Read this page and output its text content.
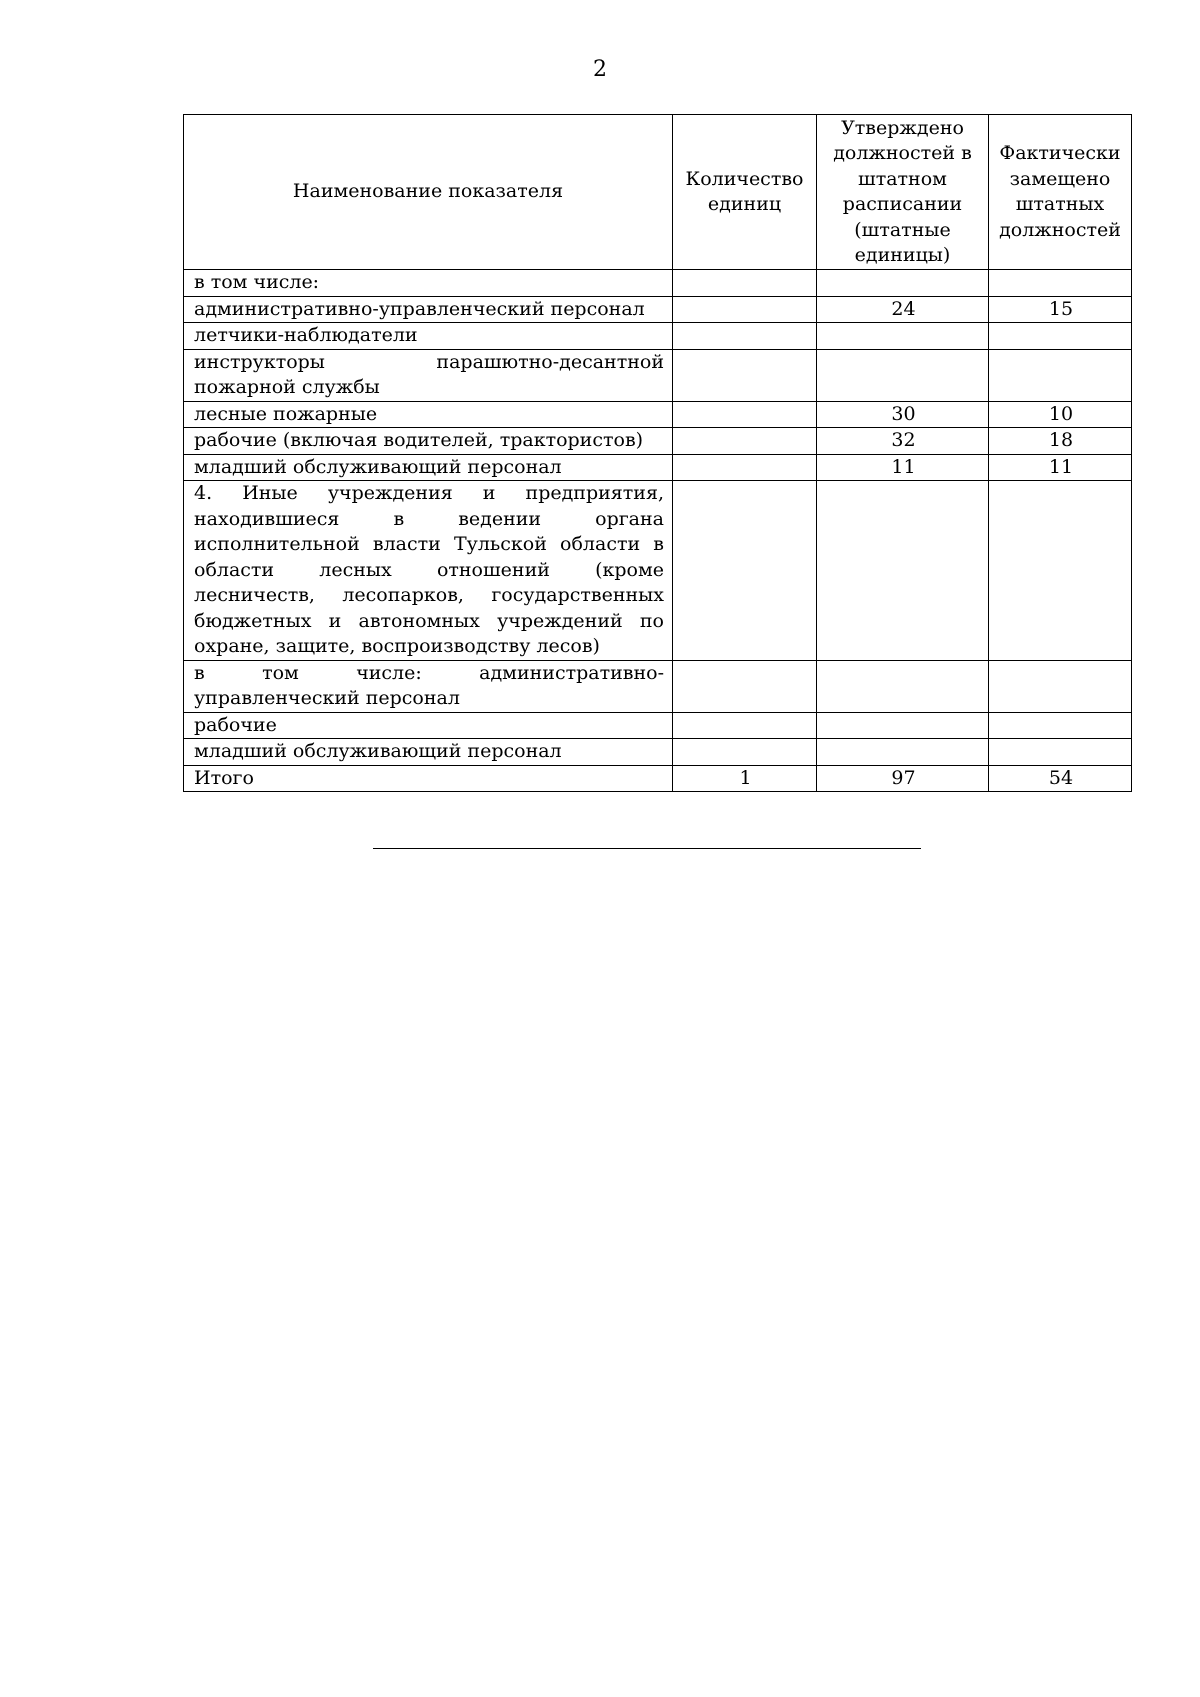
2
Наименование показателя	Количество единиц	Утверждено должностей в штатном расписании (штатные единицы)	Фактически замещено штатных должностей
в том числе:			
административно-управленческий персонал		24	15
летчики-наблюдатели			
инструкторы парашютно-десантной пожарной службы			
лесные пожарные		30	10
рабочие (включая водителей, трактористов)		32	18
младший обслуживающий персонал		11	11
4. Иные учреждения и предприятия, находившиеся в ведении органа исполнительной власти Тульской области в области лесных отношений (кроме лесничеств, лесопарков, государственных бюджетных и автономных учреждений по охране, защите, воспроизводству лесов)			
в том числе: административно-управленческий персонал			
рабочие			
младший обслуживающий персонал			
Итого	1	97	54
